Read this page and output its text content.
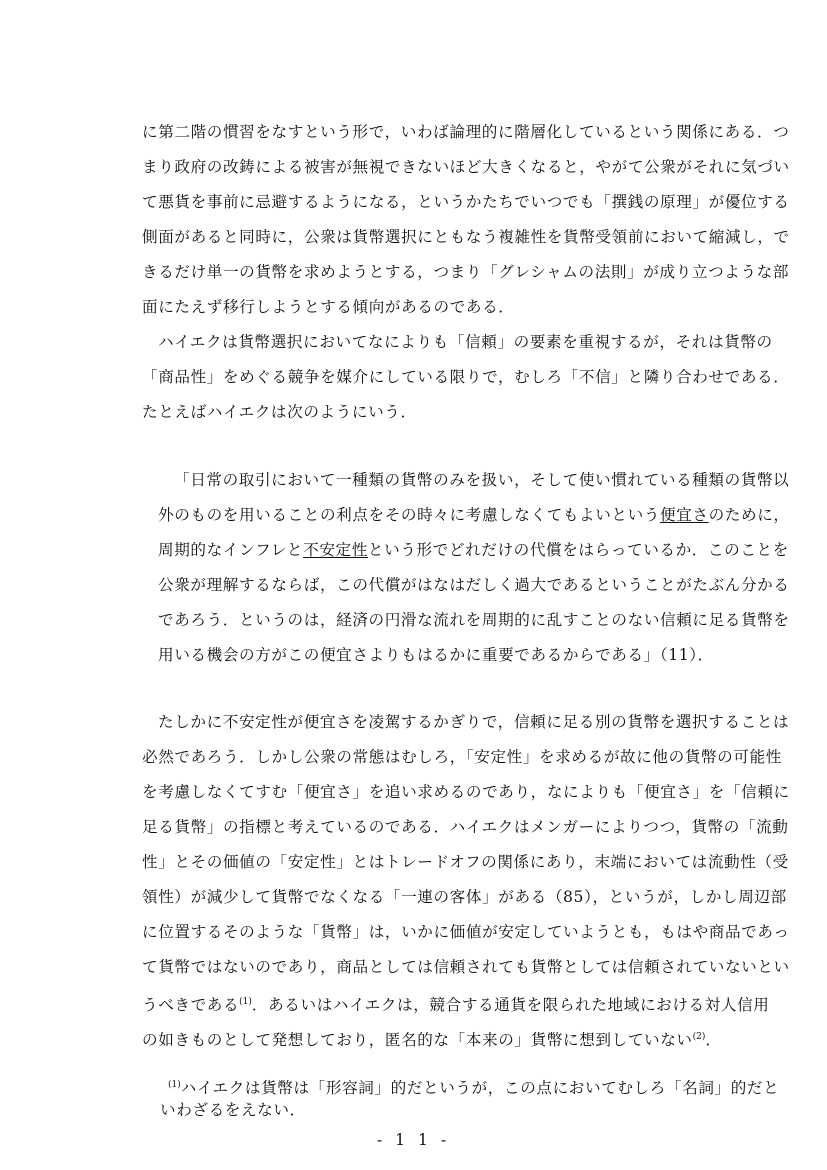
に第二階の慣習をなすという形で，いわば論理的に階層化しているという関係にある．つ
まり政府の改鋳による被害が無視できないほど大きくなると，やがて公衆がそれに気づい
て悪貨を事前に忌避するようになる，というかたちでいつでも「撰銭の原理」が優位する
側面があると同時に，公衆は貨幣選択にともなう複雑性を貨幣受領前において縮減し，で
きるだけ単一の貨幣を求めようとする，つまり「グレシャムの法則」が成り立つような部
面にたえず移行しようとする傾向があるのである．
ハイエクは貨幣選択においてなによりも「信頼」の要素を重視するが，それは貨幣の
「商品性」をめぐる競争を媒介にしている限りで，むしろ「不信」と隣り合わせである．
たとえばハイエクは次のようにいう．
「日常の取引において一種類の貨幣のみを扱い，そして使い慣れている種類の貨幣以
外のものを用いることの利点をその時々に考慮しなくてもよいという便宜さのために，
周期的なインフレと不安定性という形でどれだけの代償をはらっているか．このことを
公衆が理解するならば，この代償がはなはだしく過大であるということがたぶん分かる
であろう．というのは，経済の円滑な流れを周期的に乱すことのない信頼に足る貨幣を
用いる機会の方がこの便宜さよりもはるかに重要であるからである」（11）．
たしかに不安定性が便宜さを凌駕するかぎりで，信頼に足る別の貨幣を選択することは
必然であろう．しかし公衆の常態はむしろ，「安定性」を求めるが故に他の貨幣の可能性
を考慮しなくてすむ「便宜さ」を追い求めるのであり，なによりも「便宜さ」を「信頼に
足る貨幣」の指標と考えているのである．ハイエクはメンガーによりつつ，貨幣の「流動
性」とその価値の「安定性」とはトレードオフの関係にあり，末端においては流動性（受
領性）が減少して貨幣でなくなる「一連の客体」がある（85），というが，しかし周辺部
に位置するそのような「貨幣」は，いかに価値が安定していようとも，もはや商品であっ
て貨幣ではないのであり，商品としては信頼されても貨幣としては信頼されていないとい
うべきである$^{(1)}$．あるいはハイエクは，競合する通貨を限られた地域における対人信用
の如きものとして発想しており，匿名的な「本来の」貨幣に想到していない$^{(2)}$．
$^{(1)}$ハイエクは貨幣は「形容詞」的だというが，この点においてむしろ「名詞」的だと
- 1 1 -
いわざるをえない．
